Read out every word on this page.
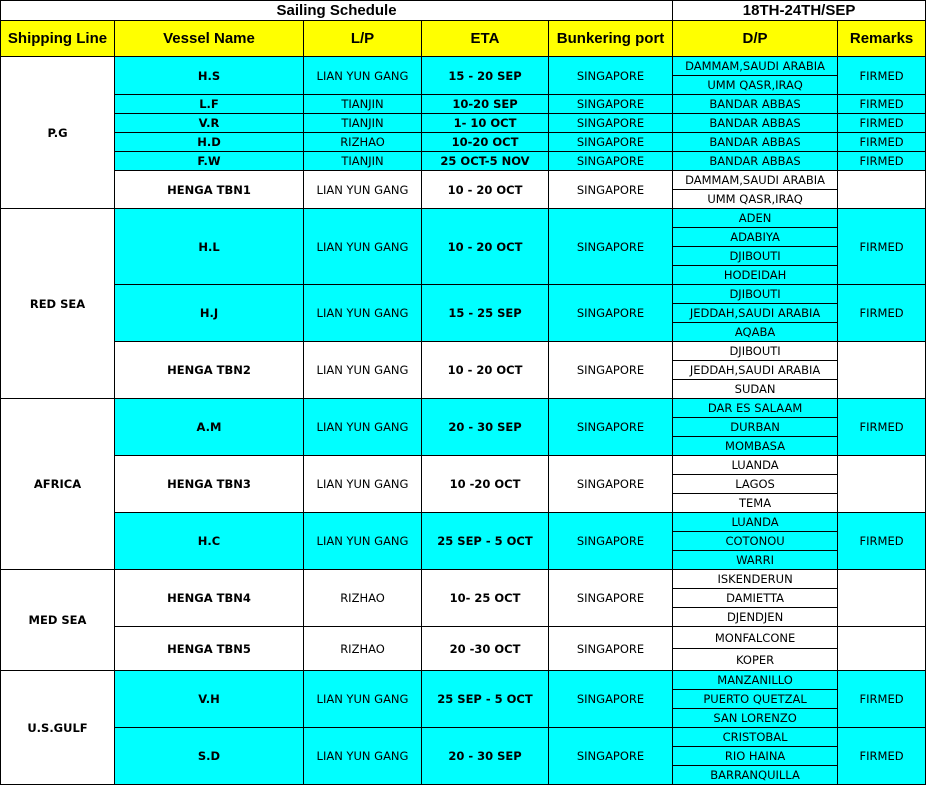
Sailing Schedule					18TH-24TH/SEP	
Shipping Line	Vessel Name	L/P	ETA	Bunkering port	D/P	Remarks
P.G	H.S	LIAN YUN GANG	15 - 20 SEP	SINGAPORE	DAMMAM,SAUDI ARABIA	FIRMED
					UMM QASR,IRAQ	
	L.F	TIANJIN	10-20 SEP	SINGAPORE	BANDAR ABBAS	FIRMED
	V.R	TIANJIN	1- 10 OCT	SINGAPORE	BANDAR ABBAS	FIRMED
	H.D	RIZHAO	10-20 OCT	SINGAPORE	BANDAR ABBAS	FIRMED
	F.W	TIANJIN	25 OCT-5 NOV	SINGAPORE	BANDAR ABBAS	FIRMED
	HENGA TBN1	LIAN YUN GANG	10 - 20 OCT	SINGAPORE	DAMMAM,SAUDI ARABIA	
					UMM QASR,IRAQ	
RED SEA	H.L	LIAN YUN GANG	10 - 20 OCT	SINGAPORE	ADEN	FIRMED
					ADABIYA	
					DJIBOUTI	
					HODEIDAH	
	H.J	LIAN YUN GANG	15 - 25 SEP	SINGAPORE	DJIBOUTI	FIRMED
					JEDDAH,SAUDI ARABIA	
					AQABA	
	HENGA TBN2	LIAN YUN GANG	10 - 20 OCT	SINGAPORE	DJIBOUTI	
					JEDDAH,SAUDI ARABIA	
					SUDAN	
AFRICA	A.M	LIAN YUN GANG	20 - 30 SEP	SINGAPORE	DAR ES SALAAM	FIRMED
					DURBAN	
					MOMBASA	
	HENGA TBN3	LIAN YUN GANG	10 -20 OCT	SINGAPORE	LUANDA	
					LAGOS	
					TEMA	
	H.C	LIAN YUN GANG	25 SEP - 5 OCT	SINGAPORE	LUANDA	FIRMED
					COTONOU	
					WARRI	
MED SEA	HENGA TBN4	RIZHAO	10- 25 OCT	SINGAPORE	ISKENDERUN	
					DAMIETTA	
					DJENDJEN	
	HENGA TBN5	RIZHAO	20 -30 OCT	SINGAPORE	MONFALCONE	
					KOPER	
U.S.GULF	V.H	LIAN YUN GANG	25 SEP - 5 OCT	SINGAPORE	MANZANILLO	FIRMED
					PUERTO QUETZAL	
					SAN LORENZO	
	S.D	LIAN YUN GANG	20 - 30 SEP	SINGAPORE	CRISTOBAL	FIRMED
					RIO HAINA	
					BARRANQUILLA	
